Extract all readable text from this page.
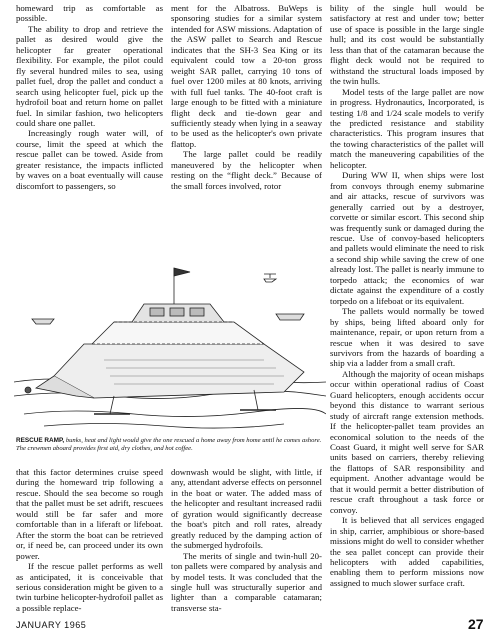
homeward trip as comfortable as possible.

The ability to drop and retrieve the pallet as desired would give the helicopter far greater operational flexibility. For example, the pilot could fly several hundred miles to sea, using pallet fuel, drop the pallet and conduct a search using helicopter fuel, pick up the hydrofoil boat and return home on pallet fuel. In similar fashion, two helicopters could share one pallet.

Increasingly rough water will, of course, limit the speed at which the rescue pallet can be towed. Aside from greater resistance, the impacts inflicted by waves on a boat eventually will cause discomfort to passengers, so

ment for the Albatross. BuWeps is sponsoring studies for a similar system intended for ASW missions. Adaptation of the ASW pallet to Search and Rescue indicates that the SH-3 Sea King or its equivalent could tow a 20-ton gross weight SAR pallet, carrying 10 tons of fuel over 1200 miles at 80 knots, arriving with full fuel tanks. The 40-foot craft is large enough to be fitted with a miniature flight deck and tie-down gear and sufficiently steady when lying in a seaway to be used as the helicopter's own private flattop.

The large pallet could be readily maneuvered by the helicopter when resting on the “flight deck.” Because of the small forces involved, rotor

bility of the single hull would be satisfactory at rest and under tow; better use of space is possible in the large single hull; and its cost would be substantially less than that of the catamaran because the flight deck would not be required to withstand the structural loads imposed by the twin hulls.

Model tests of the large pallet are now in progress. Hydronautics, Incorporated, is testing 1/8 and 1/24 scale models to verify the predicted resistance and stability characteristics. This program insures that the towing characteristics of the pallet will match the maneuvering capabilities of the helicopter.

During WW II, when ships were lost from convoys through enemy submarine and air attacks, rescue of survivors was generally carried out by a destroyer, corvette or similar escort. This second ship was frequently sunk or damaged during the rescue. Use of convoy-based helicopters and pallets would eliminate the need to risk a second ship while saving the crew of one already lost. The pallet is nearly immune to torpedo attack; the economics of war dictate against the expenditure of a costly torpedo on a lifeboat or its equivalent.

The pallets would normally be towed by ships, being lifted aboard only for maintenance, repair, or upon return from a rescue when it was desired to save survivors from the hazards of boarding a ship via a ladder from a small craft.

Although the majority of ocean mishaps occur within operational radius of Coast Guard helicopters, enough accidents occur beyond this distance to warrant serious study of aircraft range extension methods. If the helicopter-pallet team provides an economical solution to the needs of the Coast Guard, it might well serve for SAR units based on carriers, thereby relieving the flattops of SAR responsibility and equipment. Another advantage would be that it would permit a better distribution of rescue craft throughout a task force or convoy.

It is believed that all services engaged in ship, carrier, amphibious or shore-based missions might do well to consider whether the sea pallet concept can provide their helicopters with added capabilities, enabling them to perform missions now assigned to much slower surface craft.

RESCUE RAMP, bunks, heat and light would give the one rescued a home away from home until he comes ashore. The crewmen aboard provides first aid, dry clothes, and hot coffee.

that this factor determines cruise speed during the homeward trip following a rescue. Should the sea become so rough that the pallet must be set adrift, rescuees would still be far safer and more comfortable than in a liferaft or lifeboat. After the storm the boat can be retrieved or, if need be, can proceed under its own power.

If the rescue pallet performs as well as anticipated, it is conceivable that serious consideration might be given to a twin turbine helicopter-hydrofoil pallet as a possible replace-

downwash would be slight, with little, if any, attendant adverse effects on personnel in the boat or water. The added mass of the helicopter and resultant increased radii of gyration would significantly decrease the boat's pitch and roll rates, already greatly reduced by the damping action of the submerged hydrofoils.

The merits of single and twin-hull 20-ton pallets were compared by analysis and by model tests. It was concluded that the single hull was structurally superior and lighter than a comparable catamaran; transverse sta-

JANUARY 1965	27
